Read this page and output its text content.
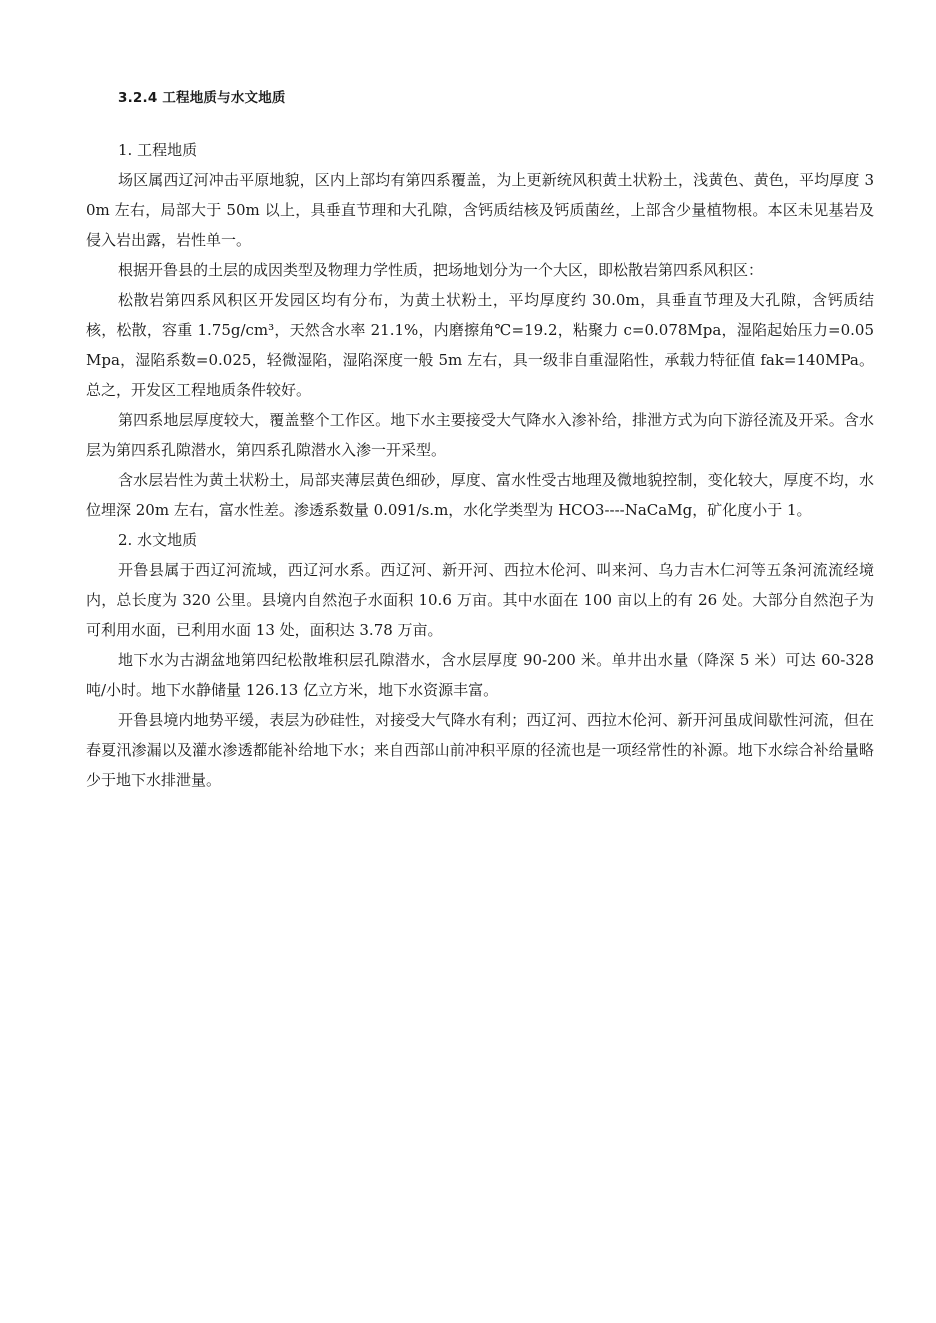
3.2.4 工程地质与水文地质
1. 工程地质

场区属西辽河冲击平原地貌，区内上部均有第四系覆盖，为上更新统风积黄土状粉土，浅黄色、黄色，平均厚度 30m 左右，局部大于 50m 以上，具垂直节理和大孔隙，含钙质结核及钙质菌丝，上部含少量植物根。本区未见基岩及侵入岩出露，岩性单一。

根据开鲁县的土层的成因类型及物理力学性质，把场地划分为一个大区，即松散岩第四系风积区：

松散岩第四系风积区开发园区均有分布，为黄土状粉土，平均厚度约 30.0m，具垂直节理及大孔隙，含钙质结核，松散，容重 1.75g/cm³，天然含水率 21.1%，内磨擦角℃=19.2，粘聚力 c=0.078Mpa，湿陷起始压力=0.05Mpa，湿陷系数=0.025，轻微湿陷，湿陷深度一般 5m 左右，具一级非自重湿陷性，承载力特征值 fak=140MPa。总之，开发区工程地质条件较好。

第四系地层厚度较大，覆盖整个工作区。地下水主要接受大气降水入渗补给，排泄方式为向下游径流及开采。含水层为第四系孔隙潜水，第四系孔隙潜水入渗一开采型。

含水层岩性为黄土状粉土，局部夹薄层黄色细砂，厚度、富水性受古地理及微地貌控制，变化较大，厚度不均，水位埋深 20m 左右，富水性差。渗透系数量 0.091/s.m，水化学类型为 HCO3----NaCaMg，矿化度小于 1。

2. 水文地质

开鲁县属于西辽河流域，西辽河水系。西辽河、新开河、西拉木伦河、叫来河、乌力吉木仁河等五条河流流经境内，总长度为 320 公里。县境内自然泡子水面积 10.6 万亩。其中水面在 100 亩以上的有 26 处。大部分自然泡子为可利用水面，已利用水面 13 处，面积达 3.78 万亩。

地下水为古湖盆地第四纪松散堆积层孔隙潜水，含水层厚度 90-200 米。单井出水量（降深 5 米）可达 60-328 吨/小时。地下水静储量 126.13 亿立方米，地下水资源丰富。

开鲁县境内地势平缓，表层为砂硅性，对接受大气降水有利；西辽河、西拉木伦河、新开河虽成间歇性河流，但在春夏汛渗漏以及灌水渗透都能补给地下水；来自西部山前冲积平原的径流也是一项经常性的补源。地下水综合补给量略少于地下水排泄量。
